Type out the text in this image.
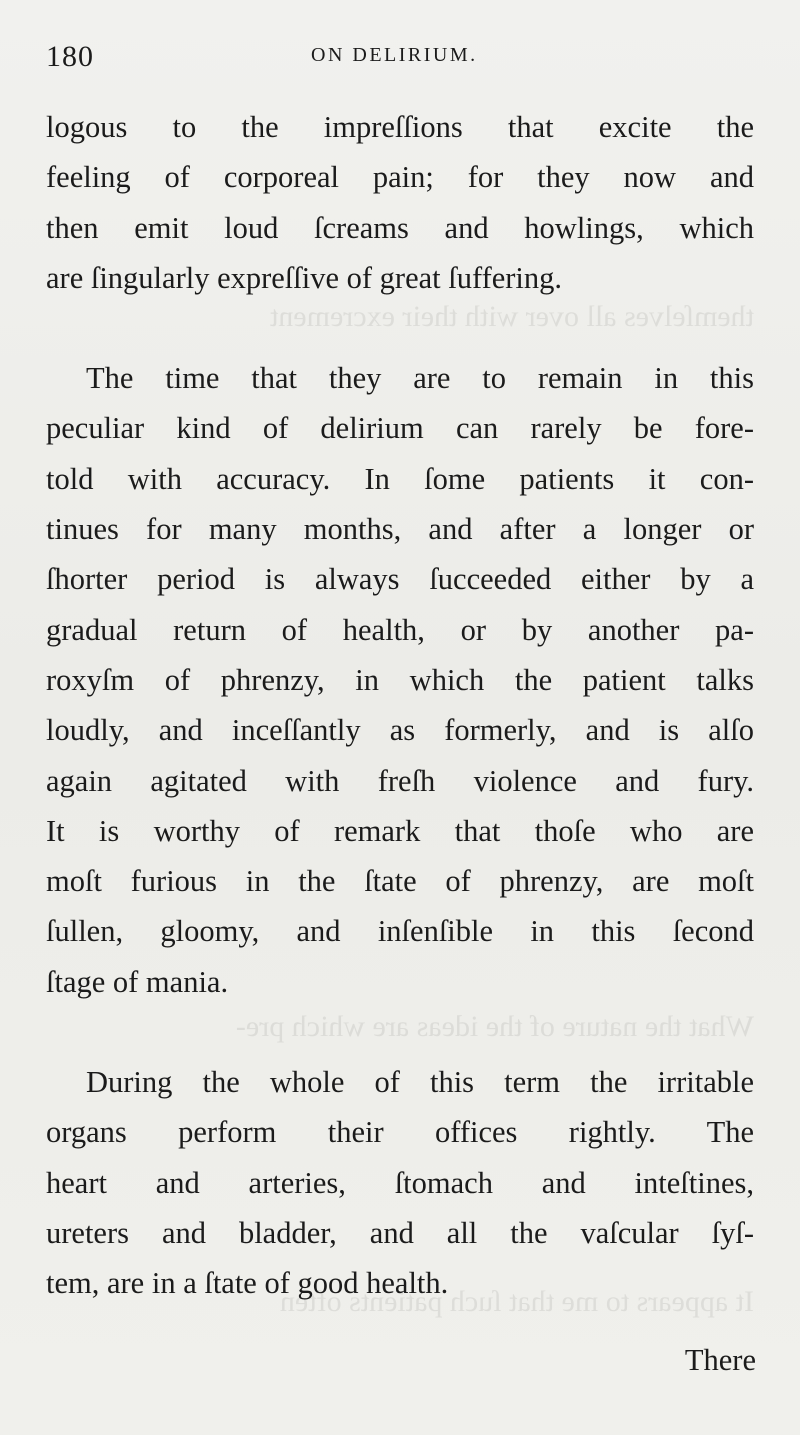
themſelves all over with their excrement
What the nature of the ideas are which pre-
It appears to me that ſuch patients often
180	ON DELIRIUM.
logous to the impreſſions that excite the
feeling of corporeal pain; for they now and
then emit loud ſcreams and howlings, which
are ſingularly expreſſive of great ſuffering.
The time that they are to remain in this
peculiar kind of delirium can rarely be fore-
told with accuracy. In ſome patients it con-
tinues for many months, and after a longer or
ſhorter period is always ſucceeded either by a
gradual return of health, or by another pa-
roxyſm of phrenzy, in which the patient talks
loudly, and inceſſantly as formerly, and is alſo
again agitated with freſh violence and fury.
It is worthy of remark that thoſe who are
moſt furious in the ſtate of phrenzy, are moſt
ſullen, gloomy, and inſenſible in this ſecond
ſtage of mania.
During the whole of this term the irritable
organs perform their offices rightly. The
heart and arteries, ſtomach and inteſtines,
ureters and bladder, and all the vaſcular ſyſ-
tem, are in a ſtate of good health.
There
